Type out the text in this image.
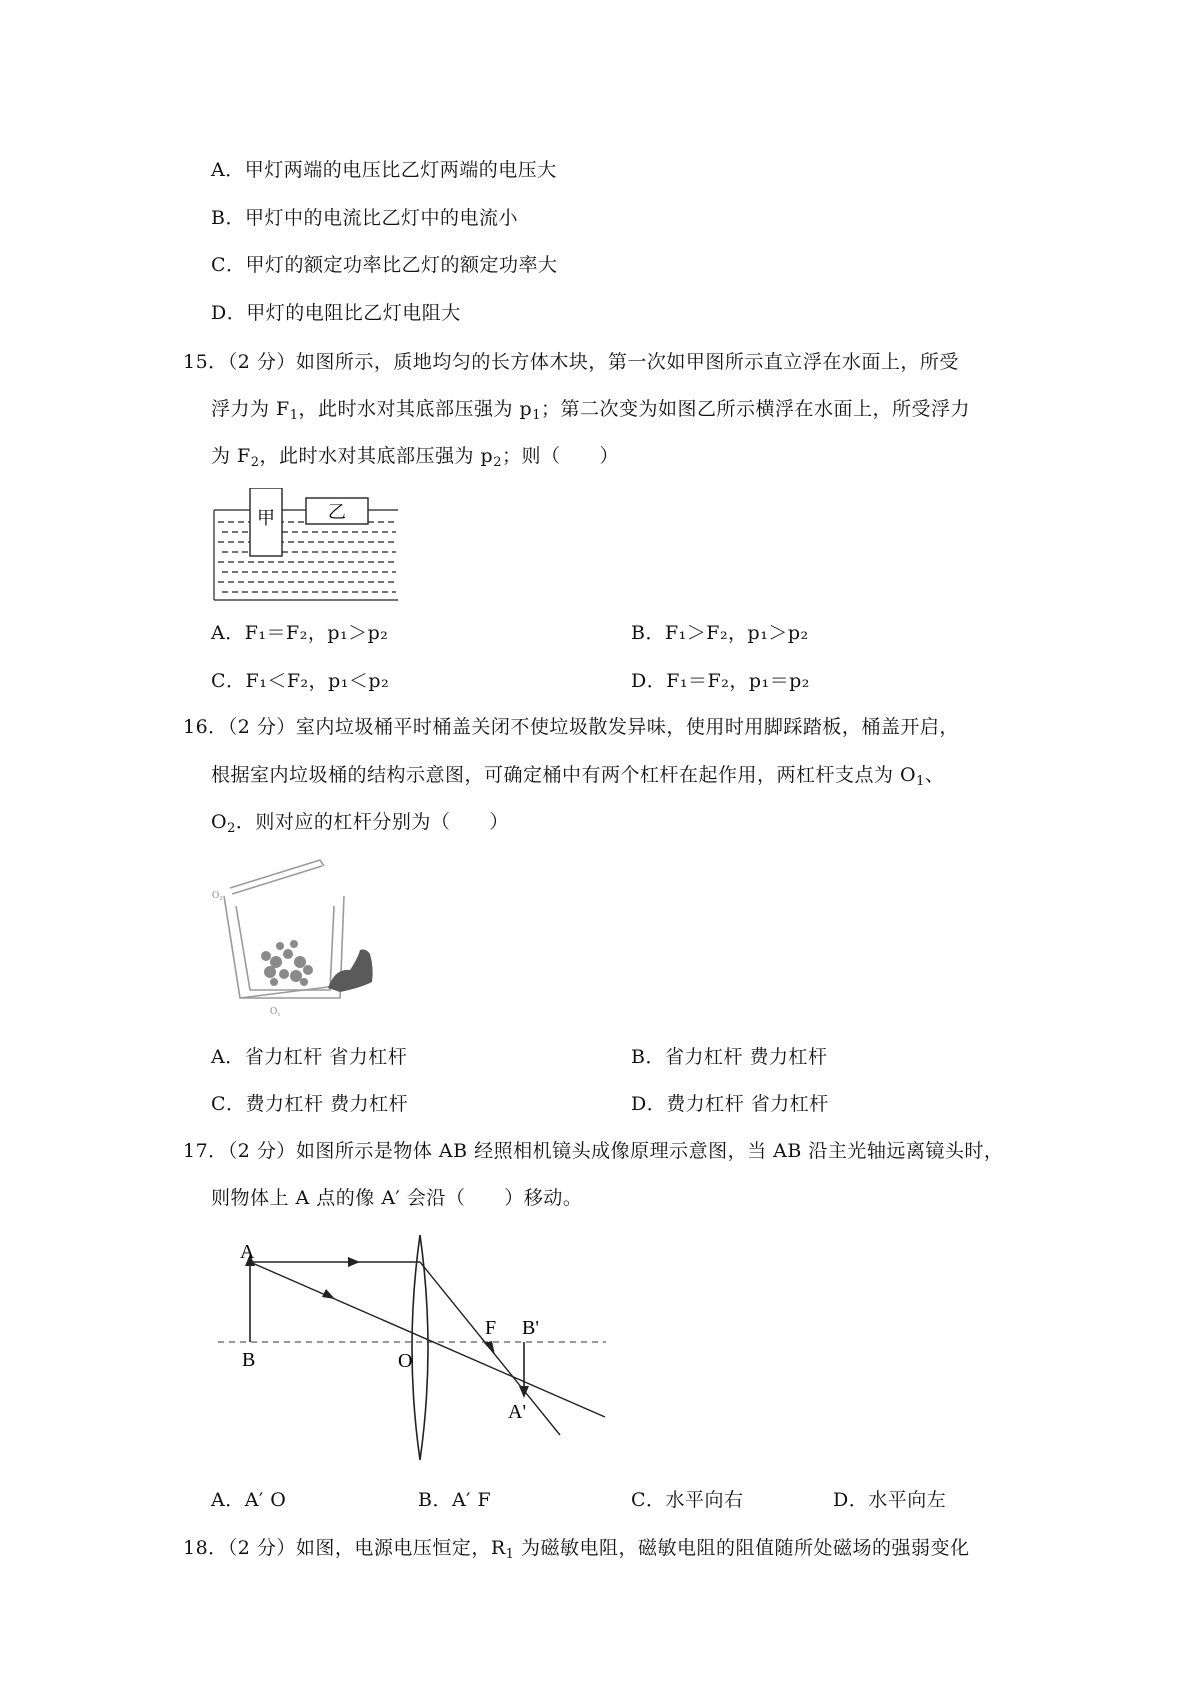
A．甲灯两端的电压比乙灯两端的电压大
B．甲灯中的电流比乙灯中的电流小
C．甲灯的额定功率比乙灯的额定功率大
D．甲灯的电阻比乙灯电阻大
15．（2 分）如图所示，质地均匀的长方体木块，第一次如甲图所示直立浮在水面上，所受
浮力为 $F_1$，此时水对其底部压强为 $p_1$；第二次变为如图乙所示横浮在水面上，所受浮力
为 $F_2$，此时水对其底部压强为 $p_2$；则（　　）
甲	乙
A．F₁＝F₂，p₁＞p₂	B．F₁＞F₂，p₁＞p₂
C．F₁＜F₂，p₁＜p₂	D．F₁＝F₂，p₁＝p₂
16．（2 分）室内垃圾桶平时桶盖关闭不使垃圾散发异味，使用时用脚踩踏板，桶盖开启，
根据室内垃圾桶的结构示意图，可确定桶中有两个杠杆在起作用，两杠杆支点为 $O_1$、
$O_2$．则对应的杠杆分别为（　　）
O₂
O₁
A．省力杠杆 省力杠杆	B．省力杠杆 费力杠杆
C．费力杠杆 费力杠杆	D．费力杠杆 省力杠杆
17．（2 分）如图所示是物体 AB 经照相机镜头成像原理示意图，当 AB 沿主光轴远离镜头时，
则物体上 A 点的像 A′ 会沿（　　）移动。
A
B	O
F B'
A'
A．A′ O	B．A′ F	C．水平向右	D．水平向左
18．（2 分）如图，电源电压恒定，$R_1$ 为磁敏电阻，磁敏电阻的阻值随所处磁场的强弱变化
